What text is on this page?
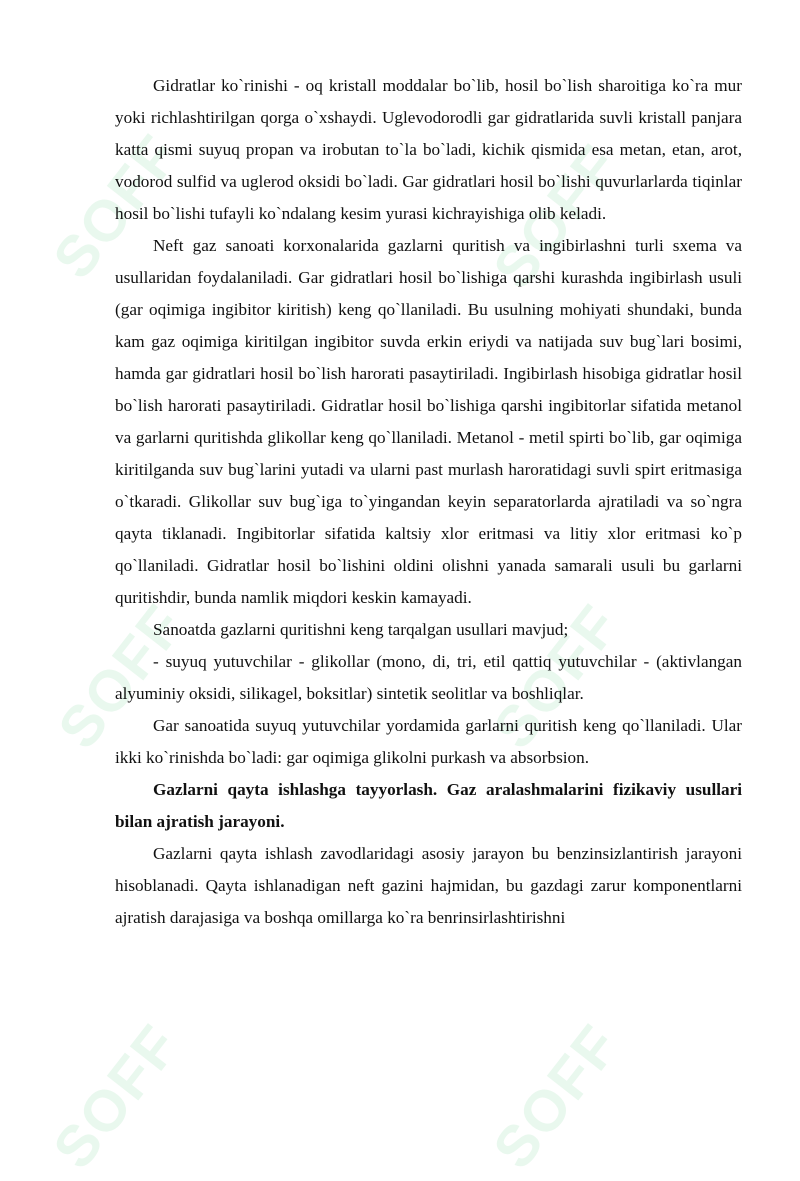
SOFF	SOFF
SOFF	SOFF
SOFF	SOFF

Gidratlar ko`rinishi - oq kristall moddalar bo`lib, hosil bo`lish sharoitiga ko`ra mur yoki richlashtirilgan qorga o`xshaydi. Uglevodorodli gar gidratlarida suvli kristall panjara katta qismi suyuq propan va irobutan to`la bo`ladi, kichik qismida esa metan, etan, arot, vodorod sulfid va uglerod oksidi bo`ladi. Gar gidratlari hosil bo`lishi quvurlarlarda tiqinlar hosil bo`lishi tufayli ko`ndalang kesim yurasi kichrayishiga olib keladi.

Neft gaz sanoati korxonalarida gazlarni quritish va ingibirlashni turli sxema va usullaridan foydalaniladi. Gar gidratlari hosil bo`lishiga qarshi kurashda ingibirlash usuli (gar oqimiga ingibitor kiritish) keng qo`llaniladi. Bu usulning mohiyati shundaki, bunda kam gaz oqimiga kiritilgan ingibitor suvda erkin eriydi va natijada suv bug`lari bosimi, hamda gar gidratlari hosil bo`lish harorati pasaytiriladi. Ingibirlash hisobiga gidratlar hosil bo`lish harorati pasaytiriladi. Gidratlar hosil bo`lishiga qarshi ingibitorlar sifatida metanol va garlarni quritishda glikollar keng qo`llaniladi. Metanol - metil spirti bo`lib, gar oqimiga kiritilganda suv bug`larini yutadi va ularni past murlash haroratidagi suvli spirt eritmasiga o`tkaradi. Glikollar suv bug`iga to`yingandan keyin separatorlarda ajratiladi va so`ngra qayta tiklanadi. Ingibitorlar sifatida kaltsiy xlor eritmasi va litiy xlor eritmasi ko`p qo`llaniladi. Gidratlar hosil bo`lishini oldini olishni yanada samarali usuli bu garlarni quritishdir, bunda namlik miqdori keskin kamayadi.

Sanoatda gazlarni quritishni keng tarqalgan usullari mavjud;

- suyuq yutuvchilar - glikollar (mono, di, tri, etil qattiq yutuvchilar - (aktivlangan alyuminiy oksidi, silikagel, boksitlar) sintetik seolitlar va boshliqlar.

Gar sanoatida suyuq yutuvchilar yordamida garlarni quritish keng qo`llaniladi. Ular ikki ko`rinishda bo`ladi: gar oqimiga glikolni purkash va absorbsion.

Gazlarni qayta ishlashga tayyorlash. Gaz aralashmalarini fizikaviy usullari bilan ajratish jarayoni.

Gazlarni qayta ishlash zavodlaridagi asosiy jarayon bu benzinsizlantirish jarayoni hisoblanadi. Qayta ishlanadigan neft gazini hajmidan, bu gazdagi zarur komponentlarni ajratish darajasiga va boshqa omillarga ko`ra benrinsirlashtirishni
